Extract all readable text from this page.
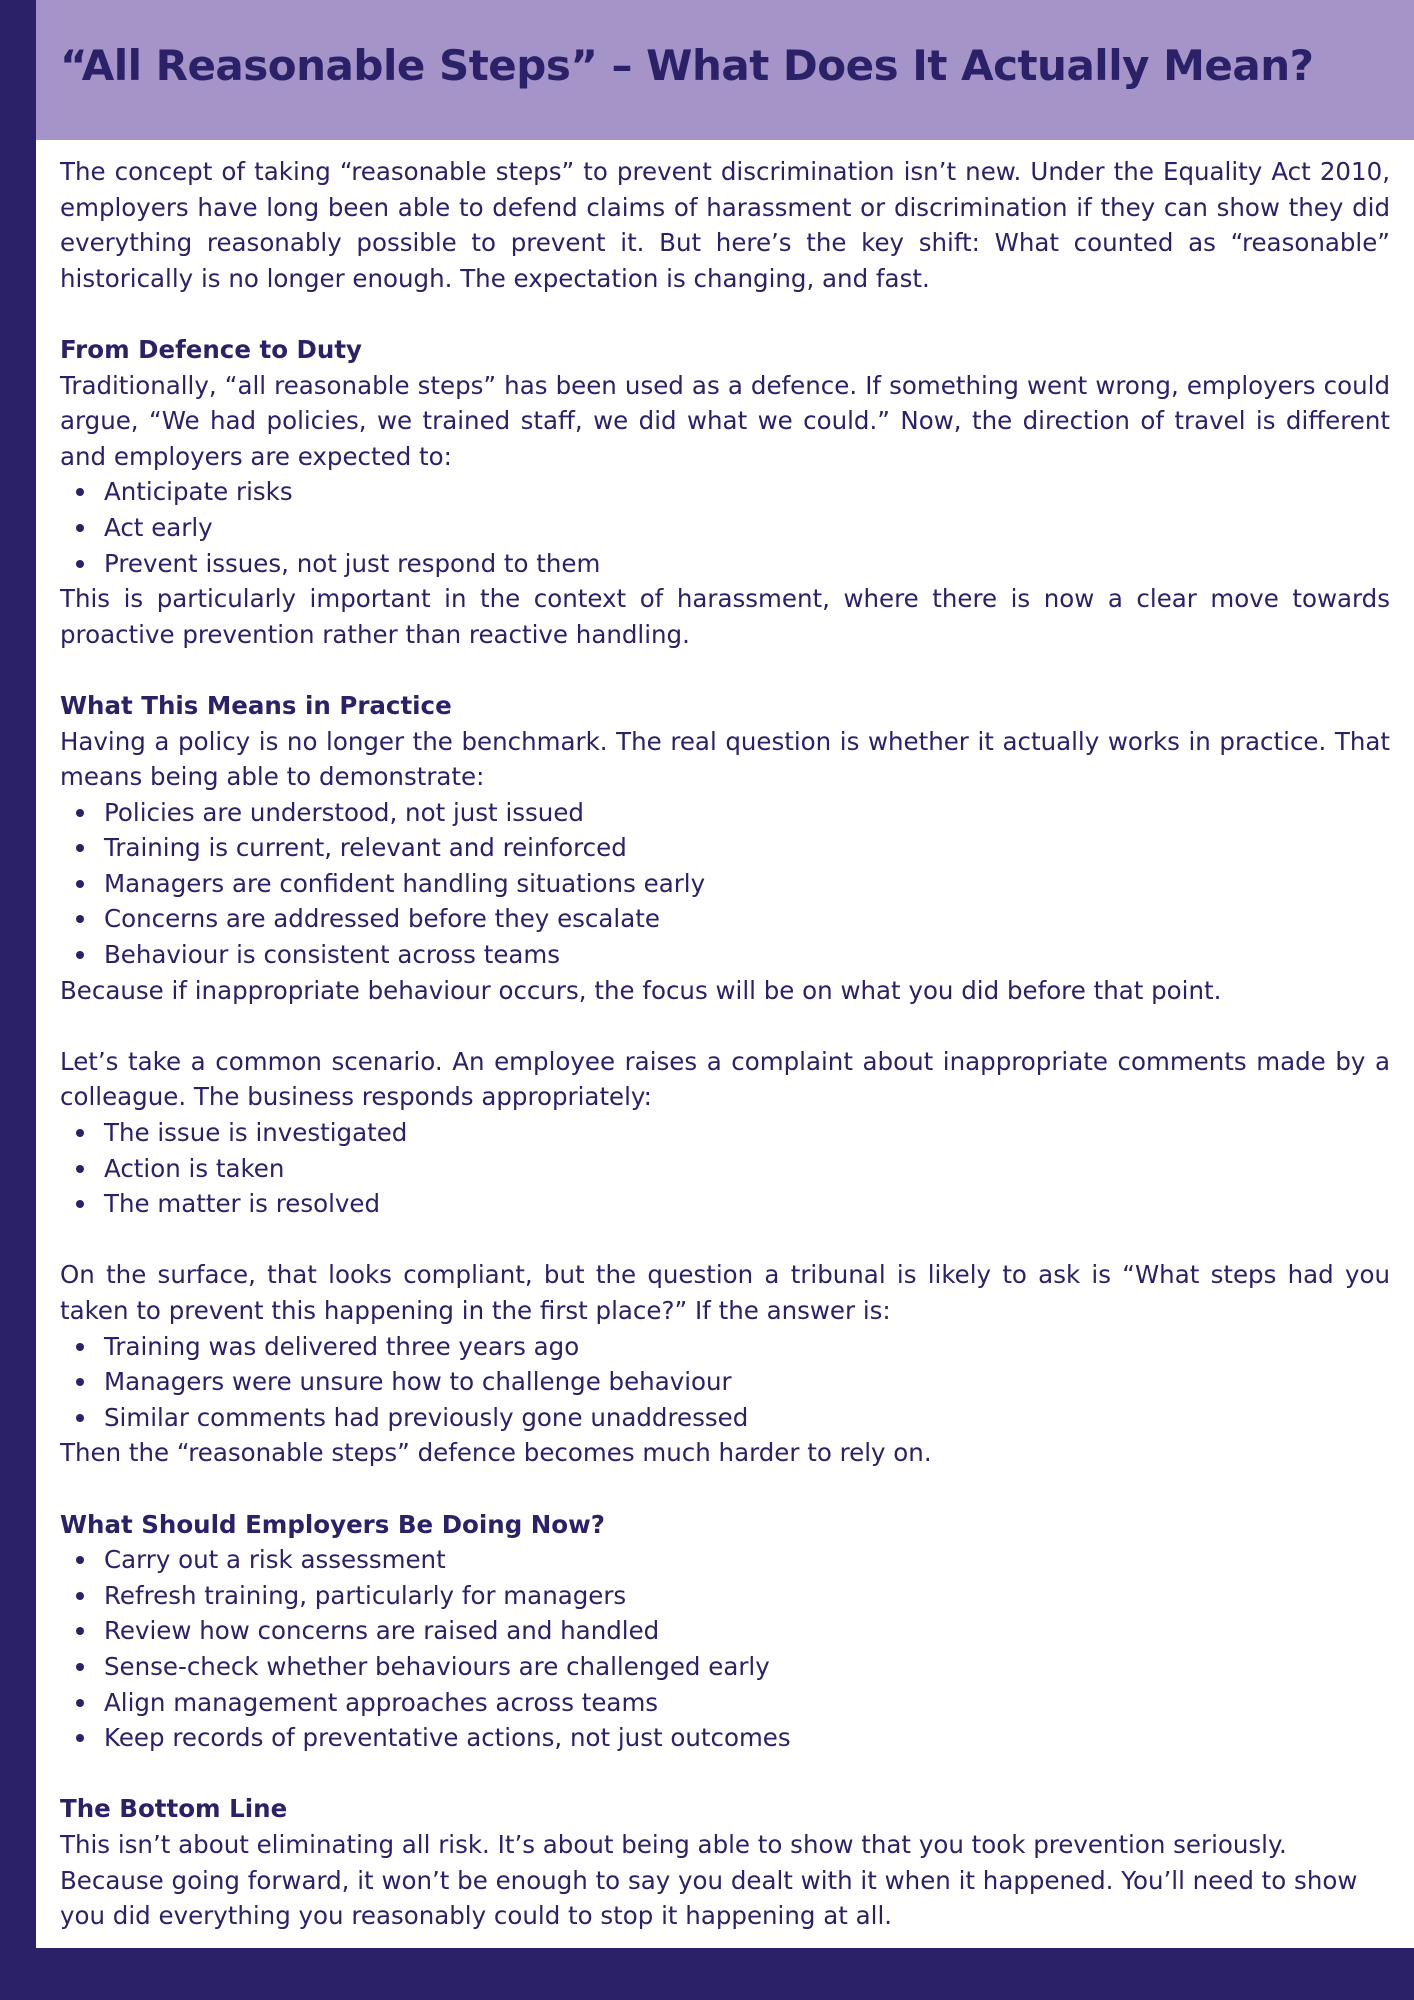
“All Reasonable Steps” – What Does It Actually Mean?

The concept of taking “reasonable steps” to prevent discrimination isn’t new. Under the Equality Act 2010, employers have long been able to defend claims of harassment or discrimination if they can show they did everything reasonably possible to prevent it. But here’s the key shift: What counted as “reasonable” historically is no longer enough. The expectation is changing, and fast.

From Defence to Duty

Traditionally, “all reasonable steps” has been used as a defence. If something went wrong, employers could argue, “We had policies, we trained staff, we did what we could.” Now, the direction of travel is different and employers are expected to:

Anticipate risks
Act early
Prevent issues, not just respond to them

This is particularly important in the context of harassment, where there is now a clear move towards proactive prevention rather than reactive handling.

What This Means in Practice

Having a policy is no longer the benchmark. The real question is whether it actually works in practice. That means being able to demonstrate:

Policies are understood, not just issued
Training is current, relevant and reinforced
Managers are confident handling situations early
Concerns are addressed before they escalate
Behaviour is consistent across teams

Because if inappropriate behaviour occurs, the focus will be on what you did before that point.

Let’s take a common scenario. An employee raises a complaint about inappropriate comments made by a colleague. The business responds appropriately:

The issue is investigated
Action is taken
The matter is resolved

On the surface, that looks compliant, but the question a tribunal is likely to ask is “What steps had you taken to prevent this happening in the first place?” If the answer is:

Training was delivered three years ago
Managers were unsure how to challenge behaviour
Similar comments had previously gone unaddressed

Then the “reasonable steps” defence becomes much harder to rely on.

What Should Employers Be Doing Now?
Carry out a risk assessment
Refresh training, particularly for managers
Review how concerns are raised and handled
Sense-check whether behaviours are challenged early
Align management approaches across teams
Keep records of preventative actions, not just outcomes
The Bottom Line

This isn’t about eliminating all risk. It’s about being able to show that you took prevention seriously. Because going forward, it won’t be enough to say you dealt with it when it happened. You’ll need to show you did everything you reasonably could to stop it happening at all.
